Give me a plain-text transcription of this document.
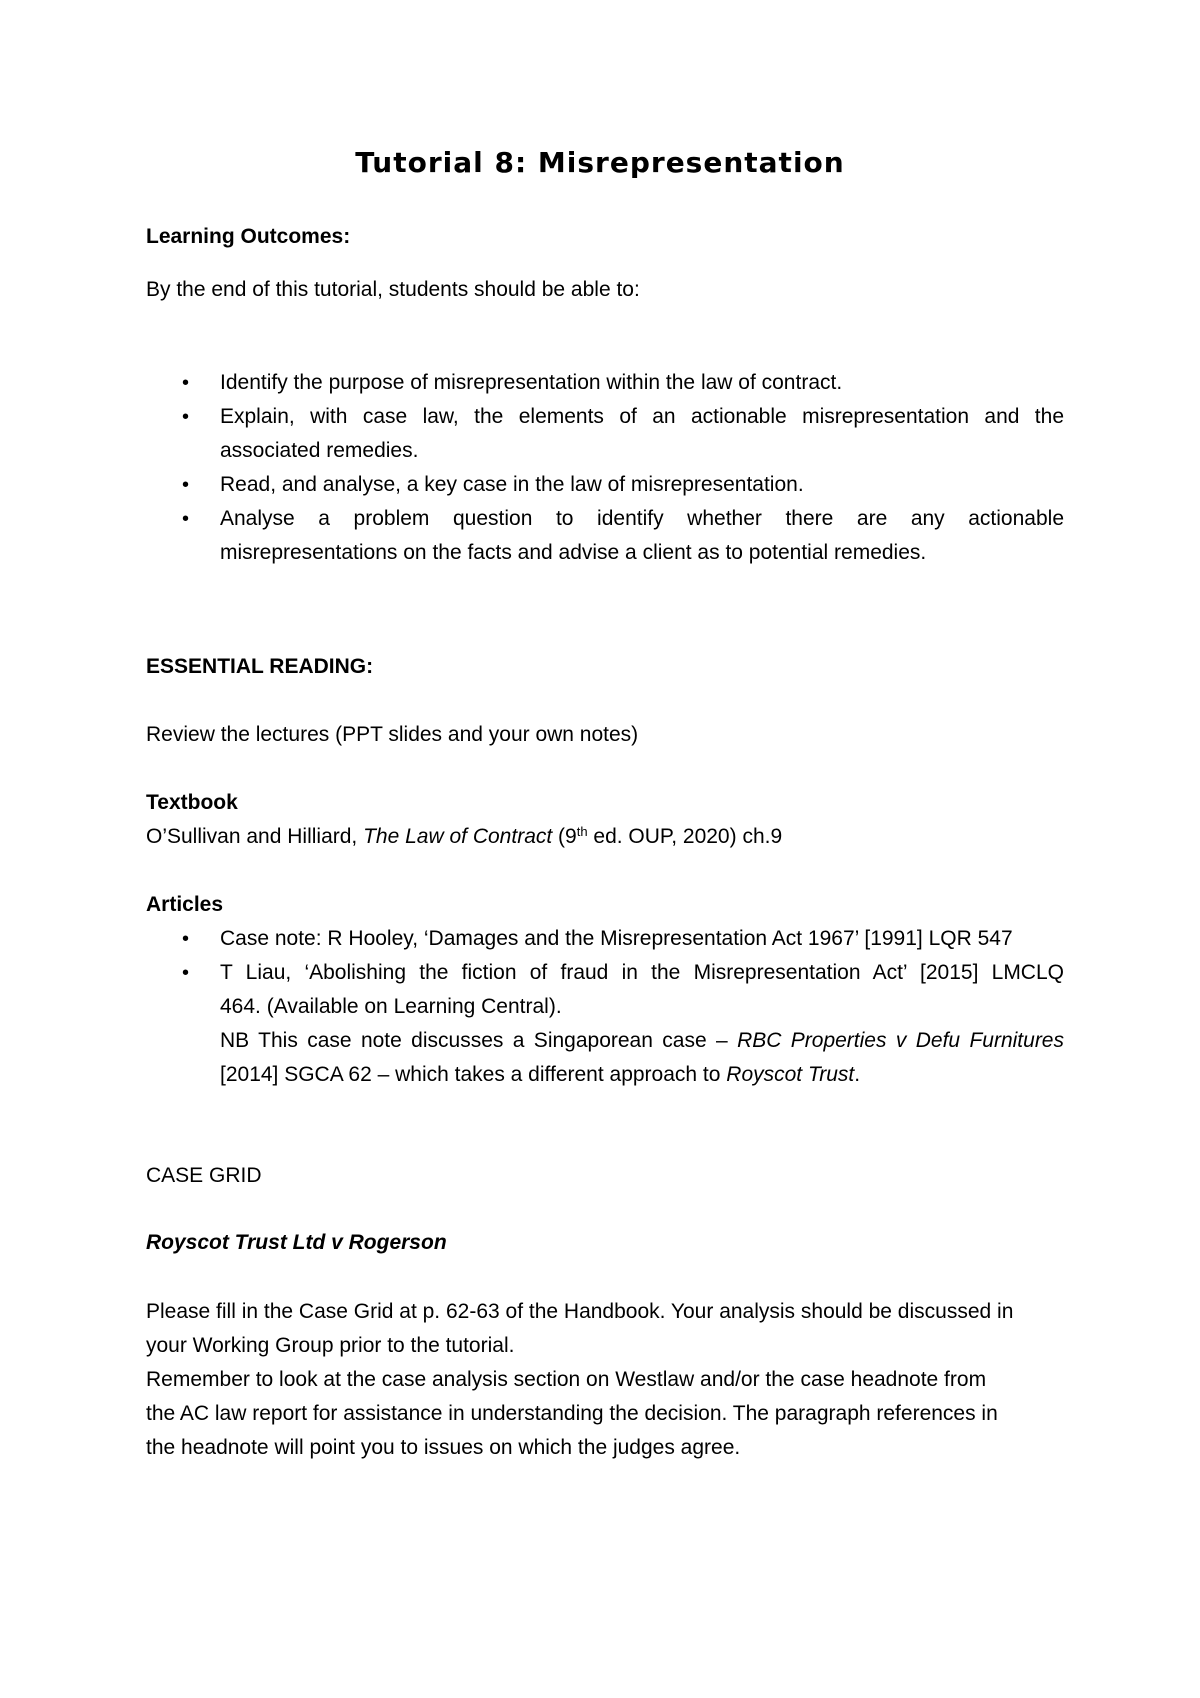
Tutorial 8: Misrepresentation

Learning Outcomes:

By the end of this tutorial, students should be able to:

• Identify the purpose of misrepresentation within the law of contract.
• Explain, with case law, the elements of an actionable misrepresentation and the associated remedies.
• Read, and analyse, a key case in the law of misrepresentation.
• Analyse a problem question to identify whether there are any actionable misrepresentations on the facts and advise a client as to potential remedies.

ESSENTIAL READING:

Review the lectures (PPT slides and your own notes)

Textbook

O’Sullivan and Hilliard, The Law of Contract (9th ed. OUP, 2020) ch.9

Articles

• Case note: R Hooley, ‘Damages and the Misrepresentation Act 1967’ [1991] LQR 547
• T Liau, ‘Abolishing the fiction of fraud in the Misrepresentation Act’ [2015] LMCLQ
464. (Available on Learning Central).
NB This case note discusses a Singaporean case – RBC Properties v Defu Furnitures
[2014] SGCA 62 – which takes a different approach to Royscot Trust.

CASE GRID

Royscot Trust Ltd v Rogerson

Please fill in the Case Grid at p. 62-63 of the Handbook. Your analysis should be discussed in
your Working Group prior to the tutorial.
Remember to look at the case analysis section on Westlaw and/or the case headnote from
the AC law report for assistance in understanding the decision. The paragraph references in
the headnote will point you to issues on which the judges agree.
